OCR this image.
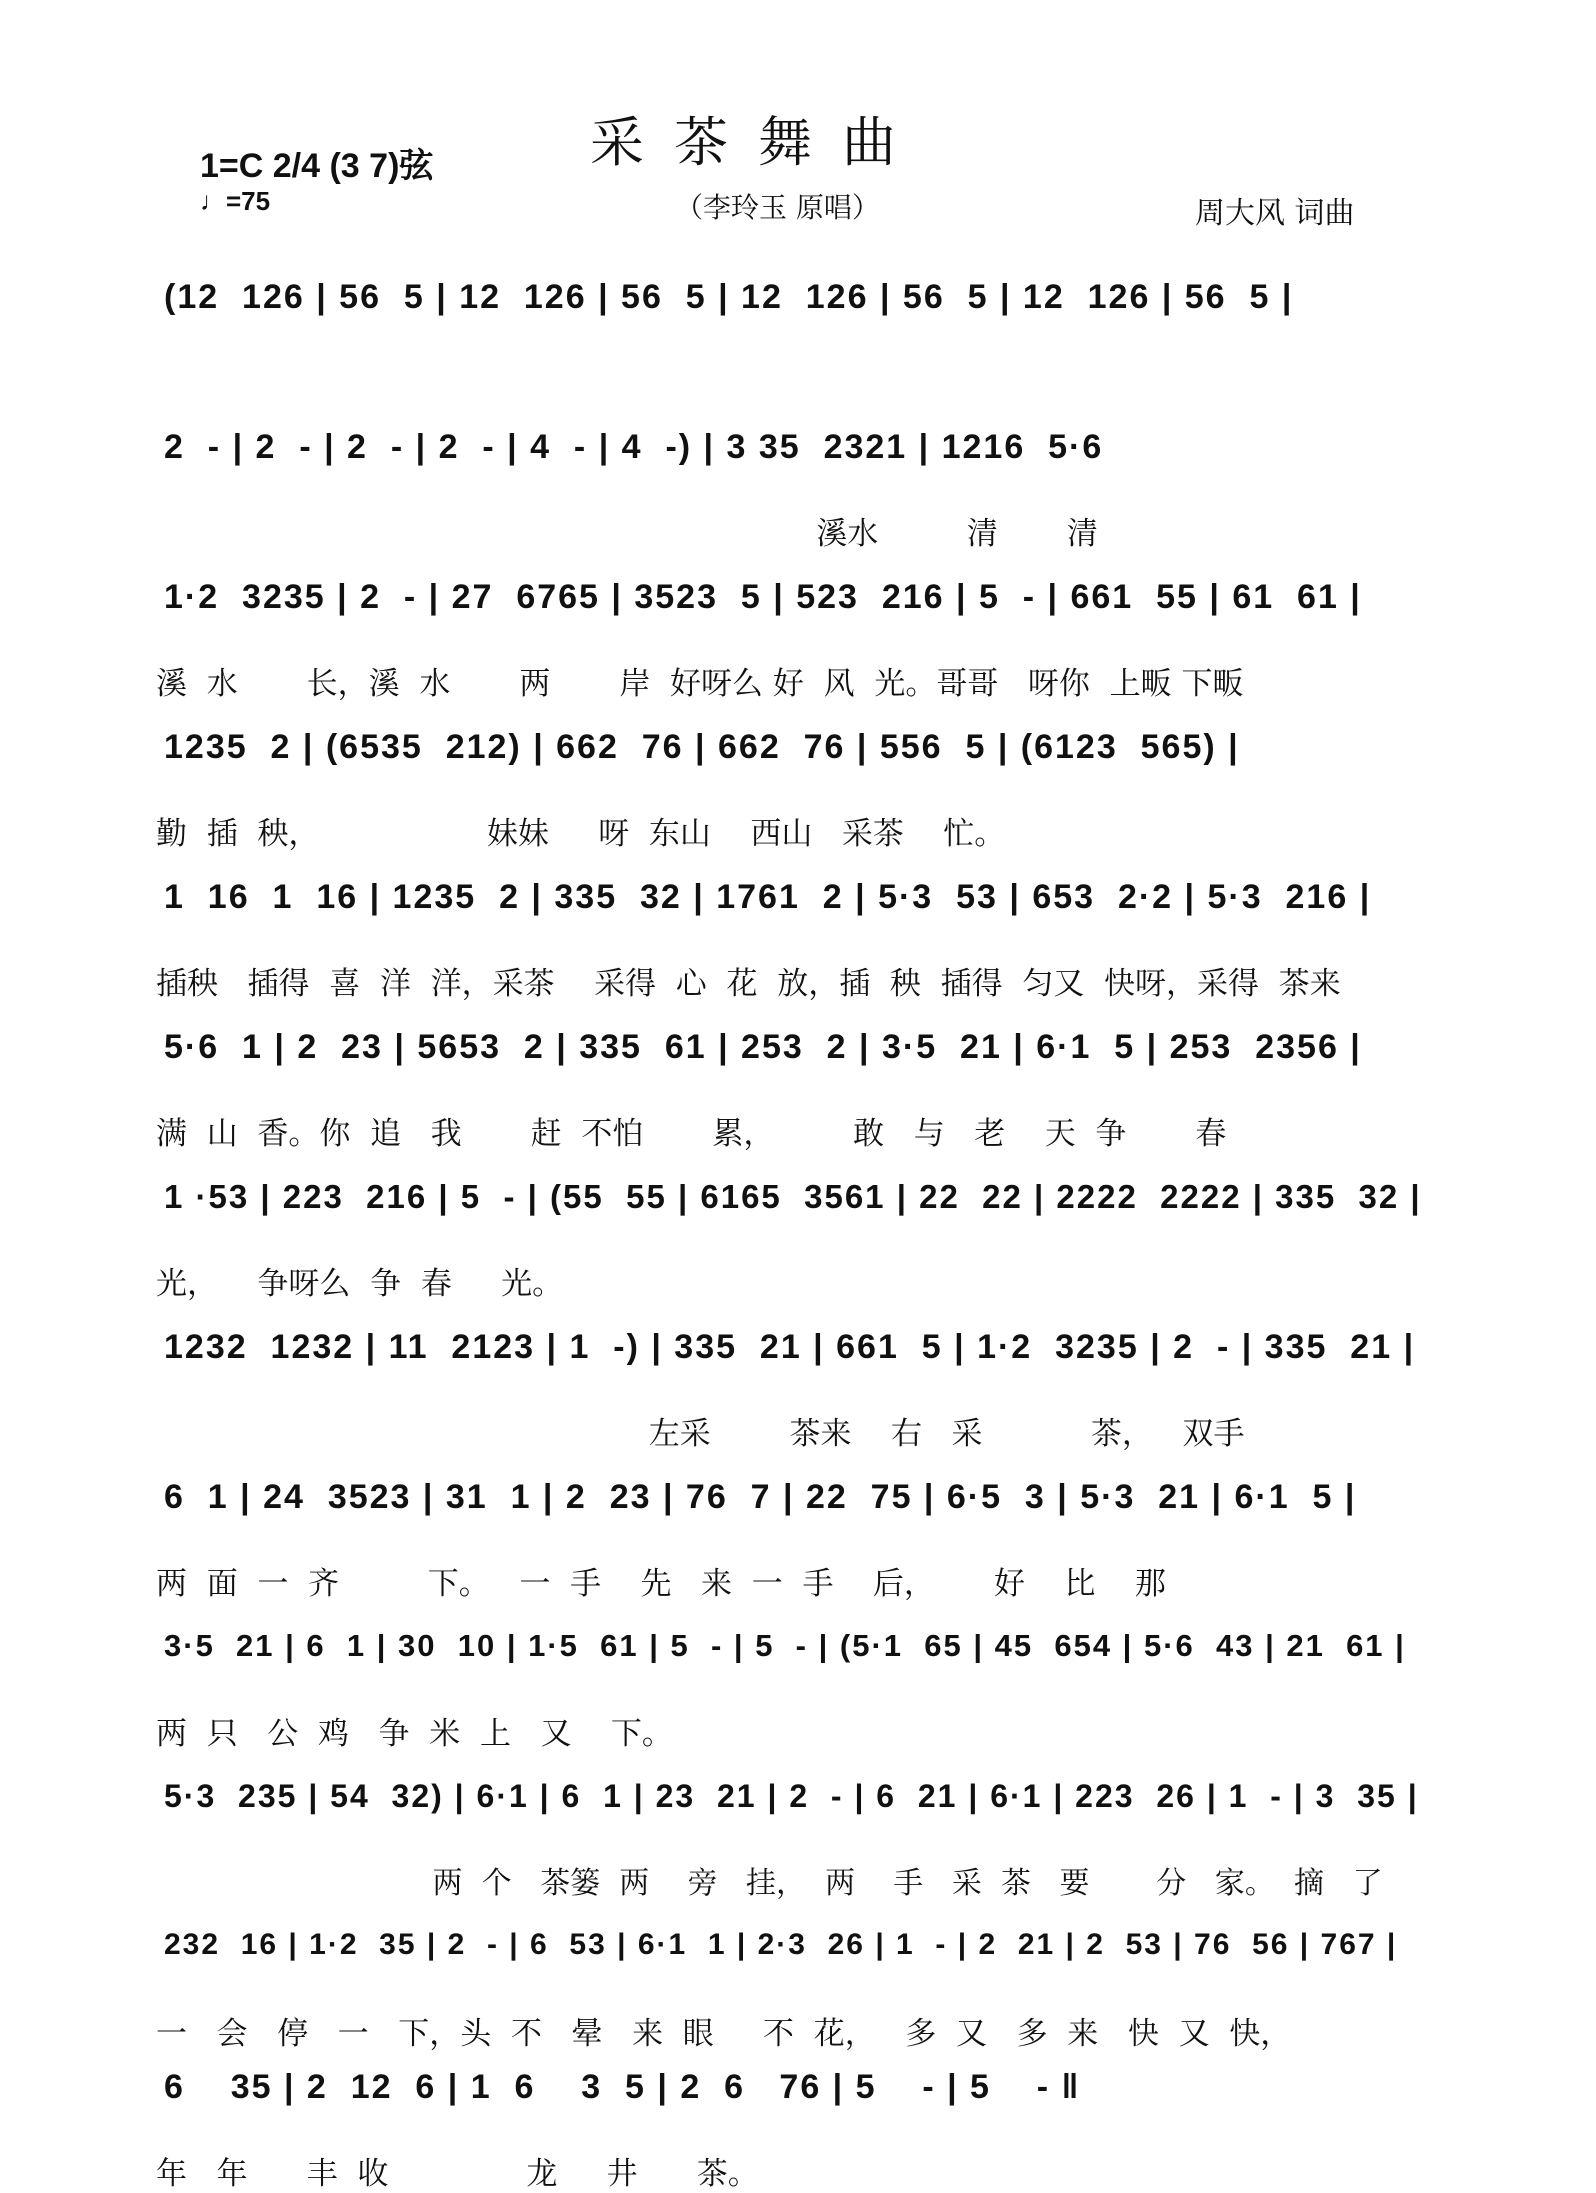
1=C 2/4 (3 7)弦
♩=75
采茶舞曲
（李玲玉 原唱）	周大风 词曲
(12  126 | 56  5 | 12  126 | 56  5 | 12  126 | 56  5 | 12  126 | 56  5 |
2  - | 2  - | 2  - | 2  - | 4  - | 4  -) | 3 35  2321 | 1216  5·6
溪水         清       清
1·2  3235 | 2  - | 27  6765 | 3523  5 | 523  216 | 5  - | 661  55 | 61  61 |
溪  水       长，溪  水       两       岸  好呀么 好  风  光。哥哥   呀你  上畈 下畈
1235  2 | (6535  212) | 662  76 | 662  76 | 556  5 | (6123  565) |
勤  插  秧，                 妹妹     呀  东山    西山   采茶    忙。
1  16  1  16 | 1235  2 | 335  32 | 1761  2 | 5·3  53 | 653  2·2 | 5·3  216 |
插秧   插得  喜  洋  洋，采茶    采得  心  花  放，插  秧  插得  匀又  快呀，采得  茶来
5·6  1 | 2  23 | 5653  2 | 335  61 | 253  2 | 3·5  21 | 6·1  5 | 253  2356 |
满  山  香。你  追   我       赶  不怕       累，        敢   与   老    天  争       春
1 ·53 | 223  216 | 5  - | (55  55 | 6165  3561 | 22  22 | 2222  2222 | 335  32 |
光，    争呀么  争  春     光。
1232  1232 | 11  2123 | 1  -) | 335  21 | 661  5 | 1·2  3235 | 2  - | 335  21 |
左采        茶来    右   采           茶，   双手
6  1 | 24  3523 | 31  1 | 2  23 | 76  7 | 22  75 | 6·5  3 | 5·3  21 | 6·1  5 |
两  面  一  齐         下。   一  手    先   来  一  手    后，      好    比    那
3·5  21 | 6  1 | 30  10 | 1·5  61 | 5  - | 5  - | (5·1  65 | 45  654 | 5·6  43 | 21  61 |
两  只   公  鸡   争  米  上   又    下。
5·3  235 | 54  32) | 6·1 | 6  1 | 23  21 | 2  - | 6  21 | 6·1 | 223  26 | 1  - | 3  35 |
两  个   茶篓  两    旁   挂，  两    手   采  茶   要       分   家。  摘   了
232  16 | 1·2  35 | 2  - | 6  53 | 6·1  1 | 2·3  26 | 1  - | 2  21 | 2  53 | 76  56 | 767 |
一   会   停   一   下，头  不   晕   来  眼     不  花，   多  又   多  来   快  又  快，
6    35 | 2  12  6 | 1  6    3  5 | 2  6   76 | 5    - | 5    - ‖
年   年      丰  收              龙     井      茶。
